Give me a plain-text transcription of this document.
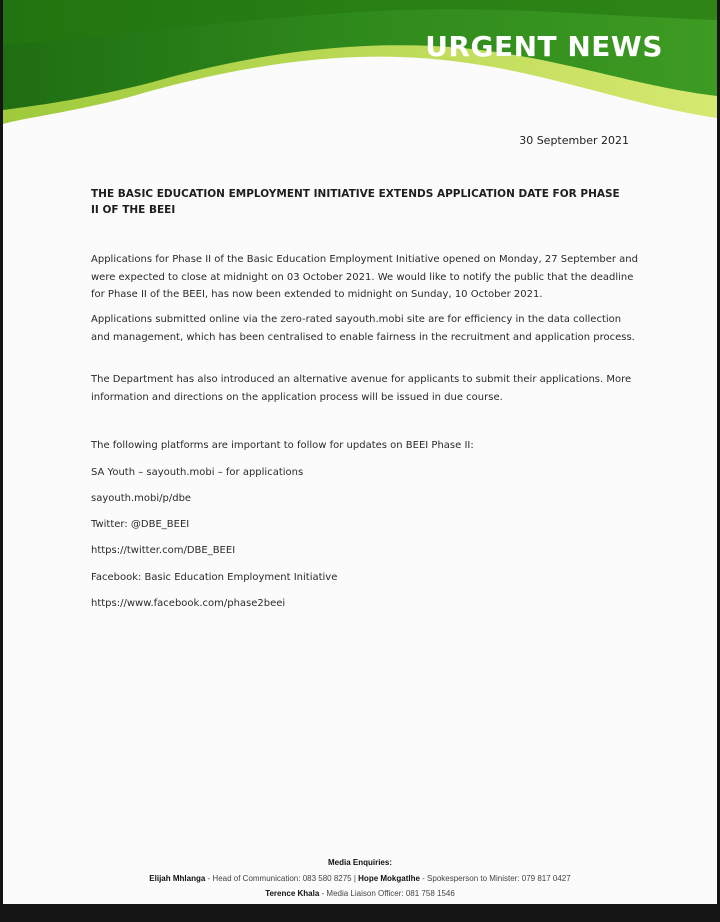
URGENT NEWS
30 September 2021
THE BASIC EDUCATION EMPLOYMENT INITIATIVE EXTENDS APPLICATION DATE FOR PHASE II OF THE BEEI
Applications for Phase II of the Basic Education Employment Initiative opened on Monday, 27 September and were expected to close at midnight on 03 October 2021. We would like to notify the public that the deadline for Phase II of the BEEI, has now been extended to midnight on Sunday, 10 October 2021.
Applications submitted online via the zero-rated sayouth.mobi site are for efficiency in the data collection and management, which has been centralised to enable fairness in the recruitment and application process.
The Department has also introduced an alternative avenue for applicants to submit their applications. More information and directions on the application process will be issued in due course.
The following platforms are important to follow for updates on BEEI Phase II:
SA Youth – sayouth.mobi – for applications
sayouth.mobi/p/dbe
Twitter: @DBE_BEEI
https://twitter.com/DBE_BEEI
Facebook: Basic Education Employment Initiative
https://www.facebook.com/phase2beei
Media Enquiries:
Elijah Mhlanga - Head of Communication: 083 580 8275 | Hope Mokgatlhe - Spokesperson to Minister: 079 817 0427
Terence Khala - Media Liaison Officer: 081 758 1546
